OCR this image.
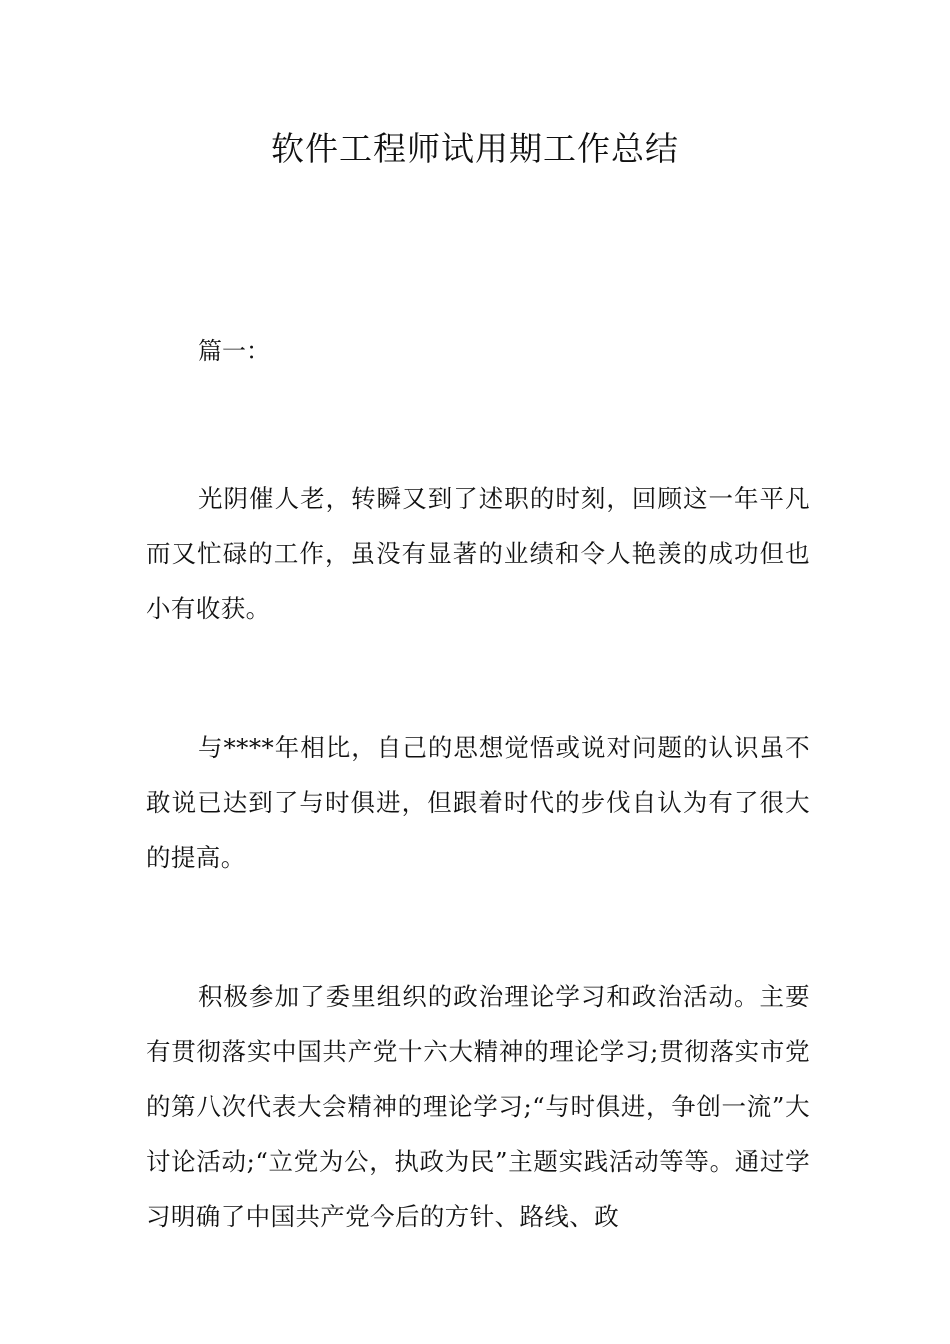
软件工程师试用期工作总结

篇一：

光阴催人老，转瞬又到了述职的时刻，回顾这一年平凡而又忙碌的工作，虽没有显著的业绩和令人艳羡的成功但也小有收获。

与****年相比，自己的思想觉悟或说对问题的认识虽不敢说已达到了与时俱进，但跟着时代的步伐自认为有了很大的提高。

积极参加了委里组织的政治理论学习和政治活动。主要有贯彻落实中国共产党十六大精神的理论学习;贯彻落实市党的第八次代表大会精神的理论学习;“与时俱进，争创一流”大讨论活动;“立党为公，执政为民”主题实践活动等等。通过学习明确了中国共产党今后的方针、路线、政
